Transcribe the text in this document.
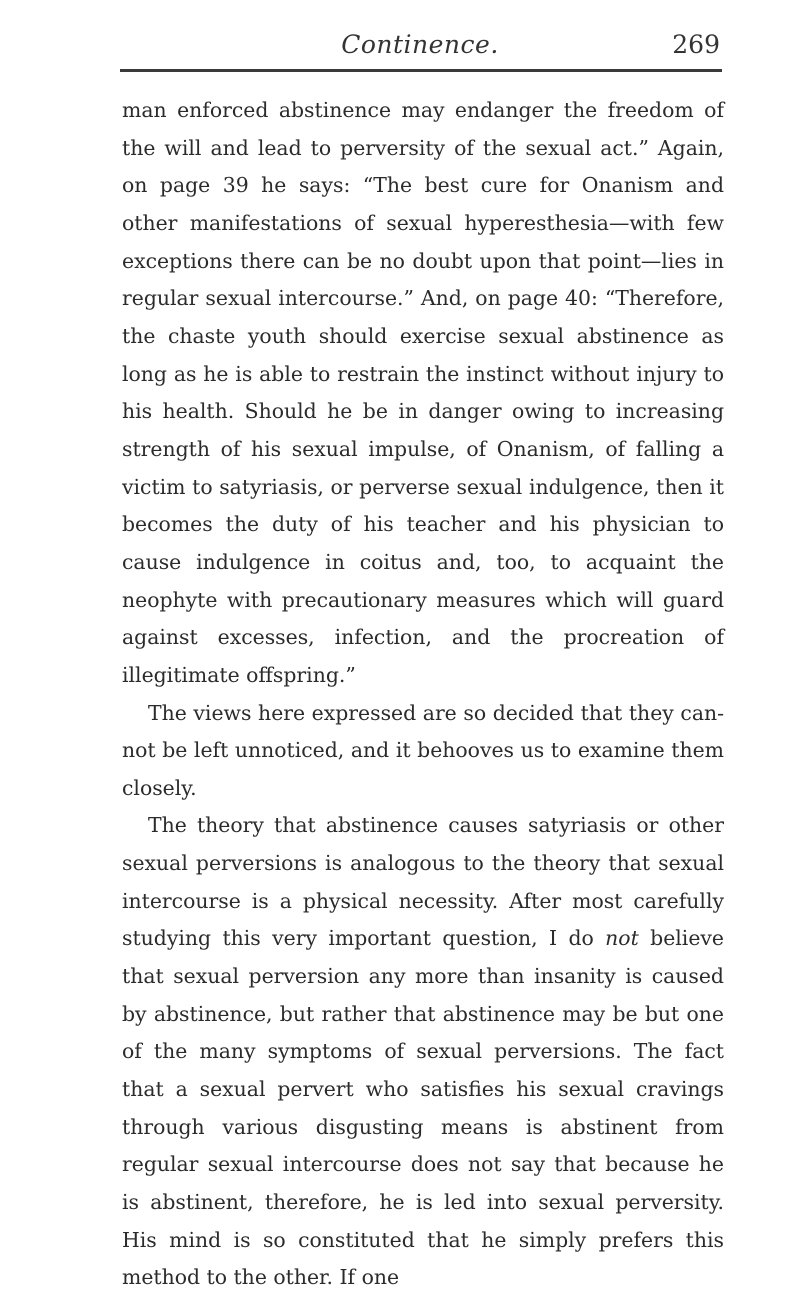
Continence.	269

man enforced abstinence may endanger the freedom of the will and lead to perversity of the sexual act.” Again, on page 39 he says: “The best cure for Onanism and other manifestations of sexual hyperesthesia—with few exceptions there can be no doubt upon that point—lies in regular sexual intercourse.” And, on page 40: “Therefore, the chaste youth should exercise sexual abstinence as long as he is able to restrain the instinct without injury to his health. Should he be in danger owing to increasing strength of his sexual impulse, of Onanism, of falling a victim to satyriasis, or perverse sexual indulgence, then it becomes the duty of his teacher and his physician to cause indulgence in coitus and, too, to acquaint the neophyte with precautionary measures which will guard against excesses, infection, and the procreation of illegitimate offspring.”

The views here expressed are so decided that they cannot be left unnoticed, and it behooves us to examine them closely.

The theory that abstinence causes satyriasis or other sexual perversions is analogous to the theory that sexual intercourse is a physical necessity. After most carefully studying this very important question, I do not believe that sexual perversion any more than insanity is caused by abstinence, but rather that abstinence may be but one of the many symptoms of sexual perversions. The fact that a sexual pervert who satisfies his sexual cravings through various disgusting means is abstinent from regular sexual intercourse does not say that because he is abstinent, therefore, he is led into sexual perversity. His mind is so constituted that he simply prefers this method to the other. If one
